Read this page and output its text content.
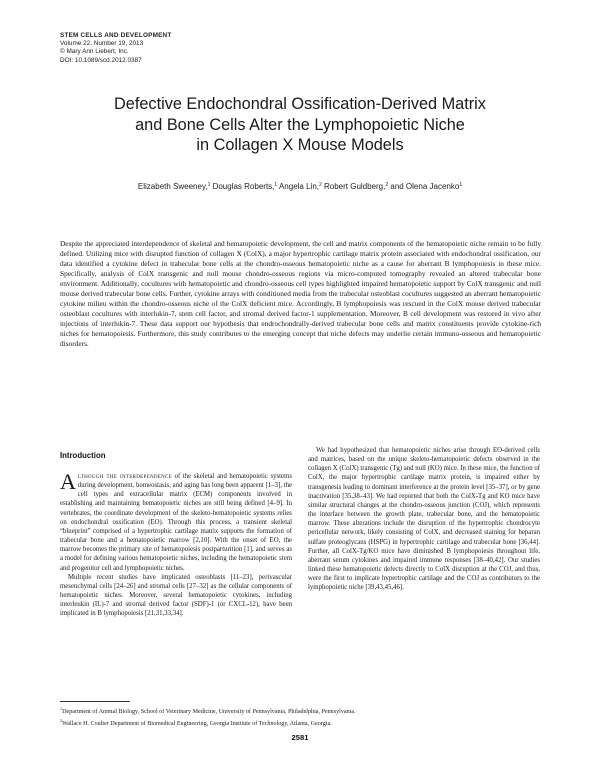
STEM CELLS AND DEVELOPMENT
Volume 22, Number 19, 2013
© Mary Ann Liebert, Inc.
DOI: 10.1089/scd.2012.0387
Defective Endochondral Ossification-Derived Matrix
and Bone Cells Alter the Lymphopoietic Niche
in Collagen X Mouse Models
Elizabeth Sweeney,$^1$ Douglas Roberts,$^1$ Angela Lin,$^2$ Robert Guldberg,$^2$ and Olena Jacenko$^1$

Despite the appreciated interdependence of skeletal and hematopoietic development, the cell and matrix components of the hematopoietic niche remain to be fully defined. Utilizing mice with disrupted function of collagen X (ColX), a major hypertrophic cartilage matrix protein associated with endochondral ossification, our data identified a cytokine defect in trabecular bone cells at the chondro-osseous hematopoietic niche as a cause for aberrant B lymphopoiesis in these mice. Specifically, analysis of ColX transgenic and null mouse chondro-osseous regions via micro-computed tomography revealed an altered trabecular bone environment. Additionally, cocultures with hematopoietic and chondro-osseous cell types highlighted impaired hematopoietic support by ColX transgenic and null mouse derived trabecular bone cells. Further, cytokine arrays with conditioned media from the trabecular osteoblast cocultures suggested an aberrant hematopoietic cytokine milieu within the chondro-osseous niche of the ColX deficient mice. Accordingly, B lymphopoiesis was rescued in the ColX mouse derived trabecular osteoblast cocultures with interlukin-7, stem cell factor, and stromal derived factor-1 supplementation. Moreover, B cell development was restored in vivo after injections of interlukin-7. These data support our hypothesis that endrochondrally-derived trabecular bone cells and matrix constituents provide cytokine-rich niches for hematopoiesis. Furthermore, this study contributes to the emerging concept that niche defects may underlie certain immuno-osseous and hematopoietic disorders.

Introduction

Although the interdependence of the skeletal and hematopoietic systems during development, homeostasis, and aging has long been apparent [1–3], the cell types and extracellular matrix (ECM) components involved in establishing and maintaining hematopoietic niches are still being defined [4–9]. In vertebrates, the coordinate development of the skeleto-hematopoietic systems relies on endochondral ossification (EO). Through this process, a transient skeletal “blueprint” comprised of a hypertrophic cartilage matrix supports the formation of trabecular bone and a hematopoietic marrow [2,10]. With the onset of EO, the marrow becomes the primary site of hematopoiesis postparturition [1], and serves as a model for defining various hematopoietic niches, including the hematopoietic stem and progenitor cell and lymphopoietic niches.

Multiple recent studies have implicated osteoblasts [11–23], perivascular mesenchymal cells [24–26] and stromal cells [27–32] as the cellular components of hematopoietic niches. Moreover, several hematopoietic cytokines, including interleukin (IL)-7 and stromal derived factor (SDF)-1 (or CXCL-12), have been implicated in B lymphopoiesis [21,31,33,34].

We had hypothesized that hematopoietic niches arise through EO-derived cells and matrices, based on the unique skeleto-hematopoietic defects observed in the collagen X (ColX) transgenic (Tg) and null (KO) mice. In these mice, the function of ColX, the major hypertrophic cartilage matrix protein, is impaired either by transgenesis leading to dominant interference at the protein level [35–37], or by gene inactivation [35,38–43]. We had reported that both the ColX-Tg and KO mice have similar structural changes at the chondro-osseous junction (COJ), which represents the interface between the growth plate, trabecular bone, and the hematopoietic marrow. These alterations include the disruption of the hypertrophic chondrocyte pericellular network, likely consisting of ColX, and decreased staining for heparan sulfate proteoglycans (HSPG) in hypertrophic cartilage and trabecular bone [36,44]. Further, all ColX-Tg/KO mice have diminished B lymphopoiesis throughout life, aberrant serum cytokines and impaired immune responses [38–40,42]. Our studies linked these hematopoietic defects directly to ColX disruption at the COJ, and thus, were the first to implicate hypertrophic cartilage and the COJ as contributors to the lymphopoietic niche [39,43,45,46].

$^1$Department of Animal Biology, School of Veterinary Medicine, University of Pennsylvania, Philadelphia, Pennsylvania.
$^2$Wallace H. Coulter Department of Biomedical Engineering, Georgia Institute of Technology, Atlanta, Georgia.
2581
